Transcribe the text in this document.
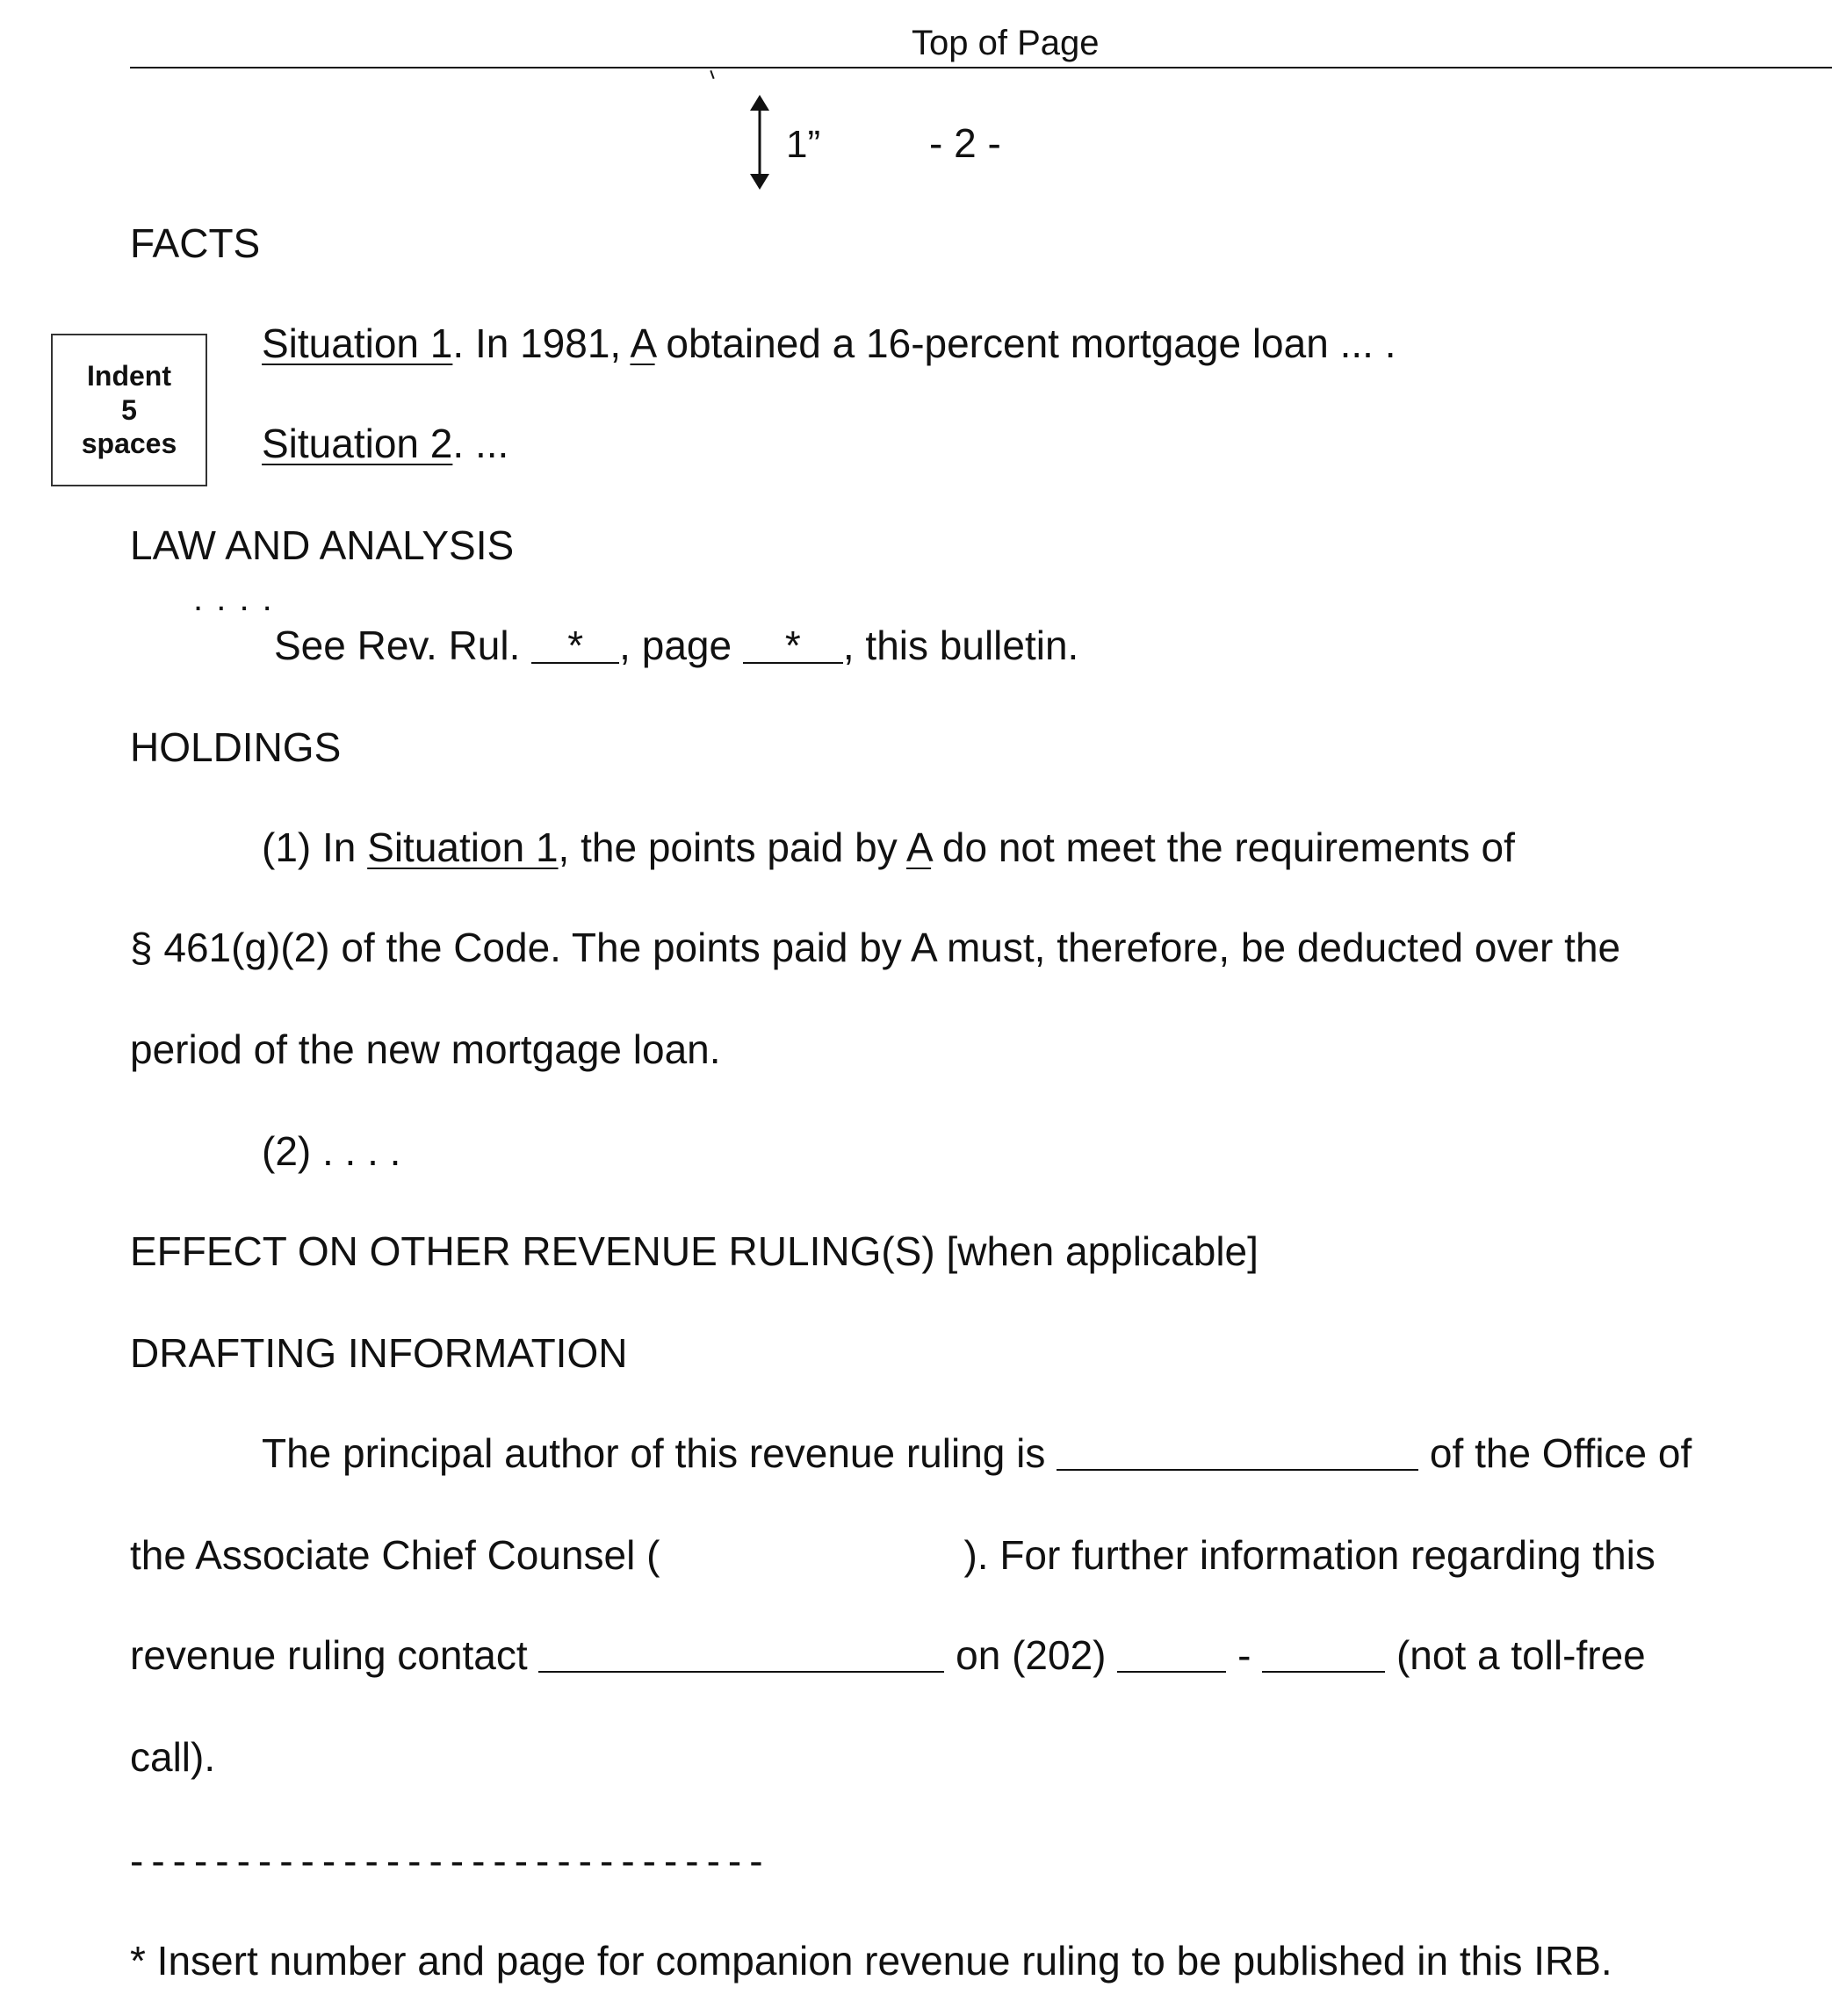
Top of Page
1”	- 2 -
FACTS
Indent
5
spaces
Situation 1. In 1981, A obtained a 16-percent mortgage loan ... .
Situation 2. ...
LAW AND ANALYSIS
. . . .
See Rev. Rul. * , page * , this bulletin.
HOLDINGS
(1) In Situation 1, the points paid by A do not meet the requirements of
§ 461(g)(2) of the Code. The points paid by A must, therefore, be deducted over the
period of the new mortgage loan.
(2) . . . .
EFFECT ON OTHER REVENUE RULING(S) [when applicable]
DRAFTING INFORMATION
The principal author of this revenue ruling is	of the Office of
the Associate Chief Counsel (	). For further information regarding this
revenue ruling contact	on (202)	-	(not a toll-free
call).
------------------------------
* Insert number and page for companion revenue ruling to be published in this IRB.
